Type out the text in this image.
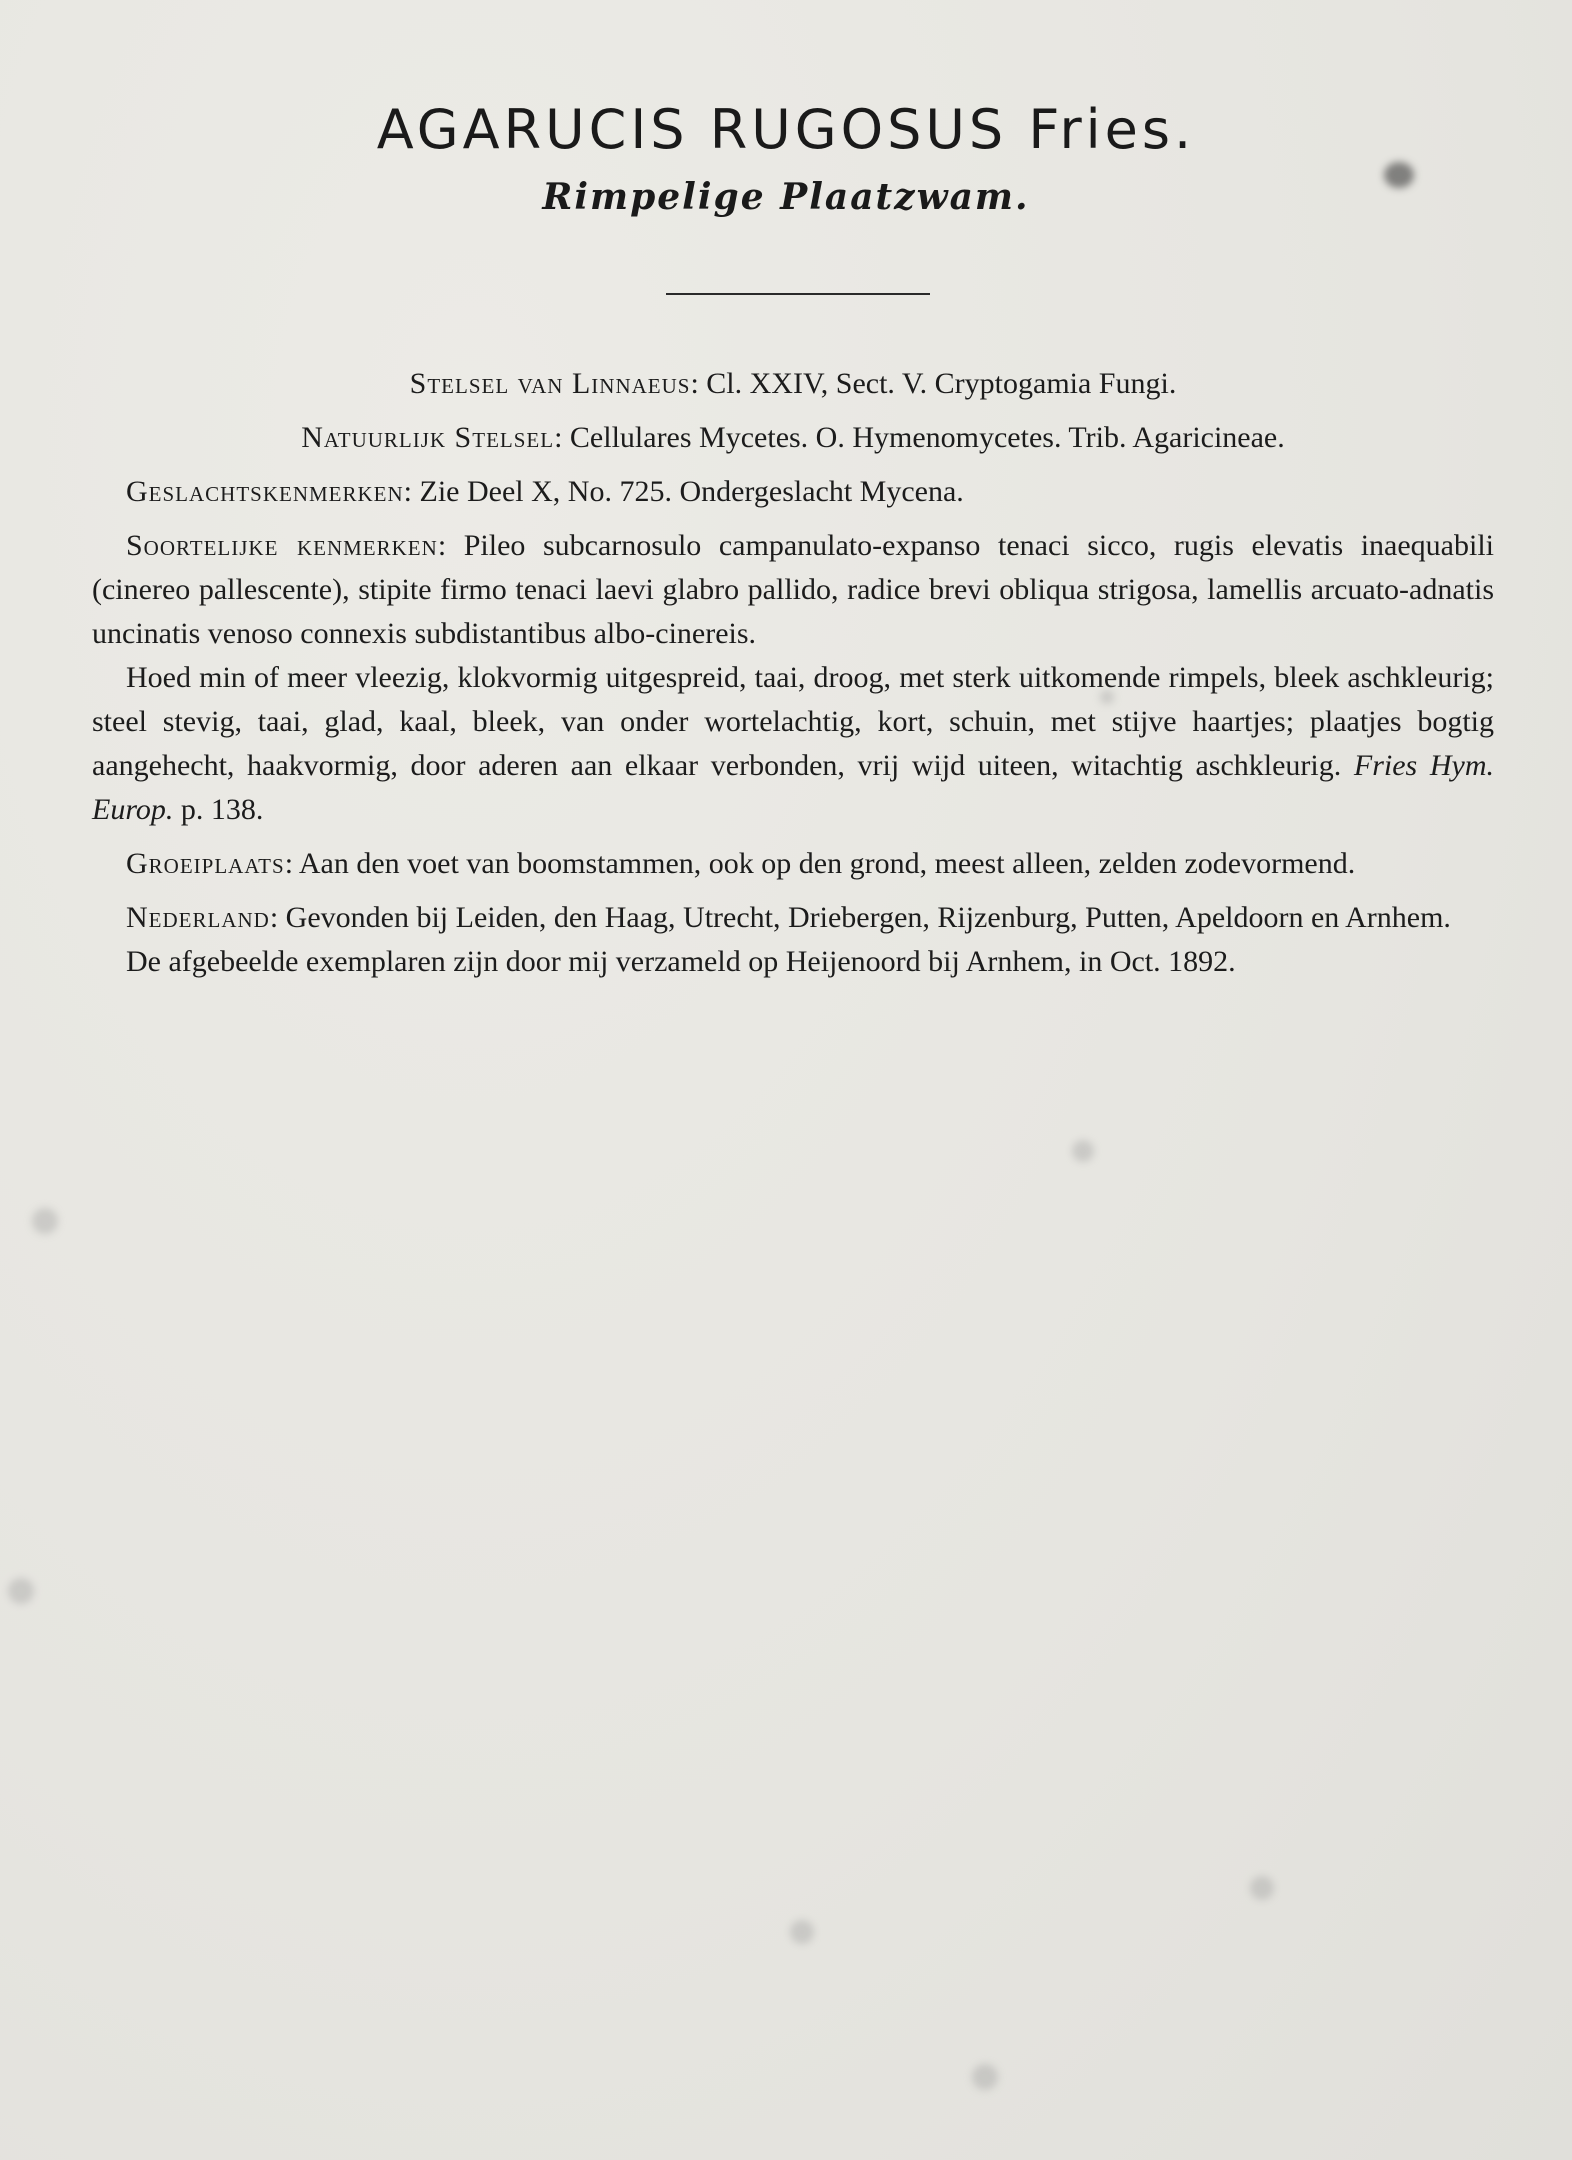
AGARUCIS RUGOSUS Fries.
Rimpelige Plaatzwam.

Stelsel van Linnaeus: Cl. XXIV, Sect. V. Cryptogamia Fungi.

Natuurlijk Stelsel: Cellulares Mycetes. O. Hymenomycetes. Trib. Agaricineae.

Geslachtskenmerken: Zie Deel X, No. 725. Ondergeslacht Mycena.

Soortelijke kenmerken: Pileo subcarnosulo campanulato-expanso tenaci sicco, rugis elevatis inaequabili (cinereo pallescente), stipite firmo tenaci laevi glabro pallido, radice brevi obliqua strigosa, lamellis arcuato-adnatis uncinatis venoso connexis subdistantibus albo-cinereis.

Hoed min of meer vleezig, klokvormig uitgespreid, taai, droog, met sterk uitkomende rimpels, bleek aschkleurig; steel stevig, taai, glad, kaal, bleek, van onder wortelachtig, kort, schuin, met stijve haartjes; plaatjes bogtig aangehecht, haakvormig, door aderen aan elkaar verbonden, vrij wijd uiteen, witachtig aschkleurig. Fries Hym. Europ. p. 138.

Groeiplaats: Aan den voet van boomstammen, ook op den grond, meest alleen, zelden zodevormend.

Nederland: Gevonden bij Leiden, den Haag, Utrecht, Driebergen, Rijzenburg, Putten, Apeldoorn en Arnhem.

De afgebeelde exemplaren zijn door mij verzameld op Heijenoord bij Arnhem, in Oct. 1892.
